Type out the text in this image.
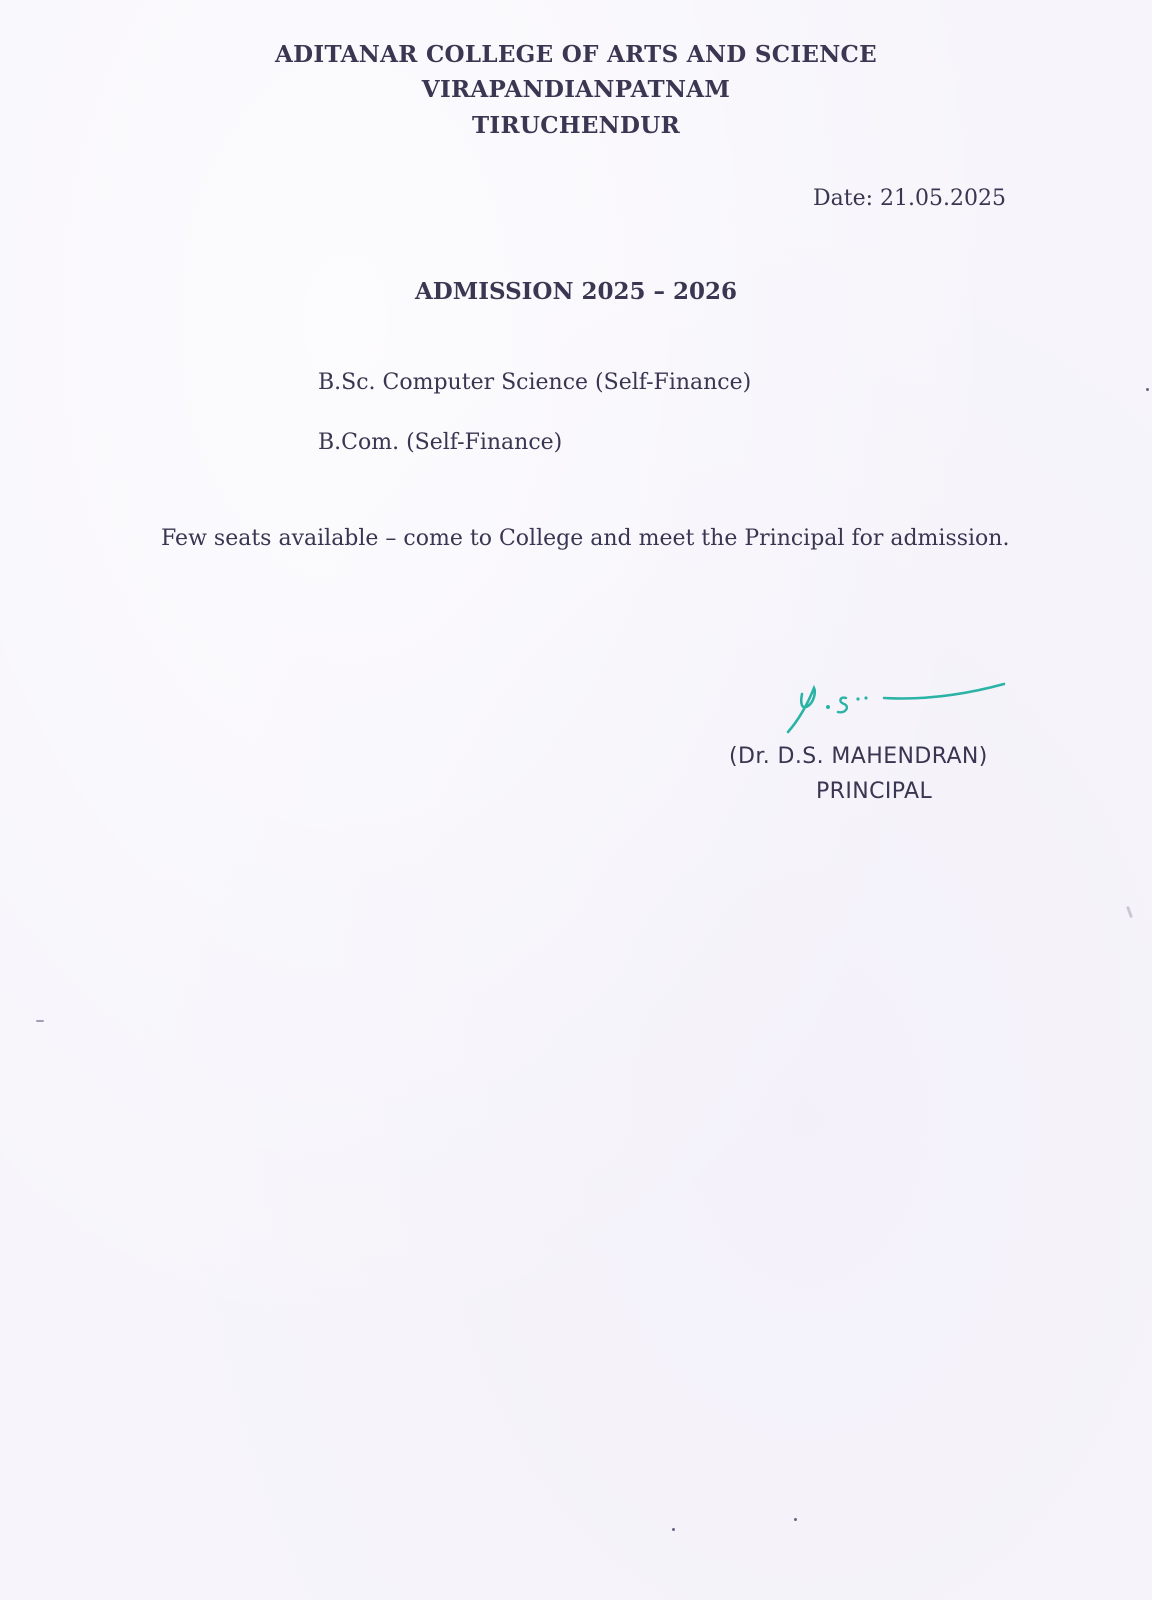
ADITANAR COLLEGE OF ARTS AND SCIENCE
VIRAPANDIANPATNAM
TIRUCHENDUR
Date: 21.05.2025
ADMISSION 2025 – 2026
B.Sc. Computer Science (Self-Finance)
B.Com. (Self-Finance)
Few seats available – come to College and meet the Principal for admission.
(Dr. D.S. MAHENDRAN)
PRINCIPAL
